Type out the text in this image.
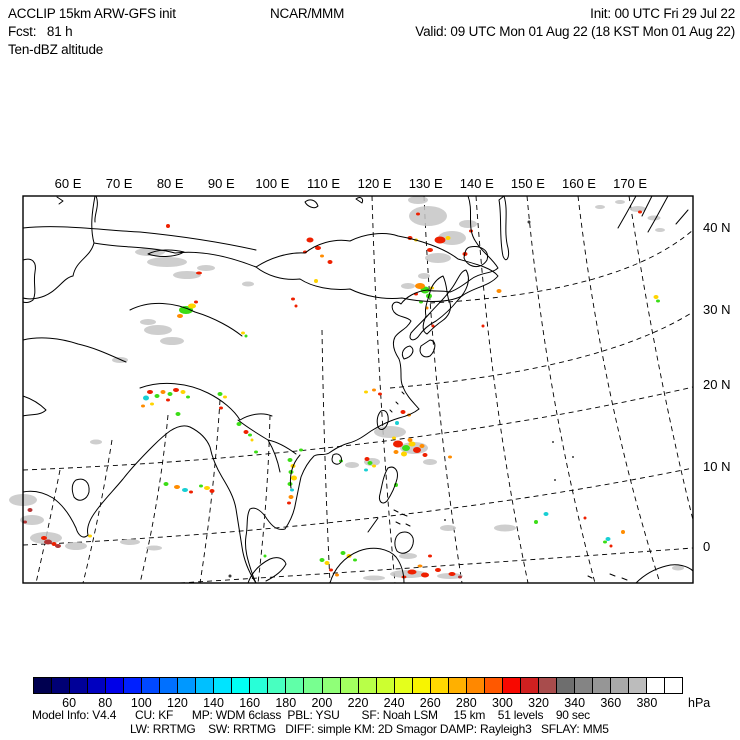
ACCLIP 15km ARW-GFS init	NCAR/MMM	Init: 00 UTC Fri 29 Jul 22
Fcst:   81 h	Valid: 09 UTC Mon 01 Aug 22 (18 KST Mon 01 Aug 22)
Ten-dBZ altitude
60 E 70 E 80 E 90 E 100 E 110 E 120 E 130 E 140 E 150 E 160 E 170 E
40 N
30 N
20 N
10 N
0
60 80 100 120 140 160 180 200 220 240 260 280 300 320 340 360 380 hPa
Model Info: V4.4      CU: KF      MP: WDM 6class  PBL: YSU       SF: Noah LSM     15 km    51 levels    90 sec
LW: RRTMG    SW: RRTMG   DIFF: simple KM: 2D Smagor DAMP: Rayleigh3   SFLAY: MM5
